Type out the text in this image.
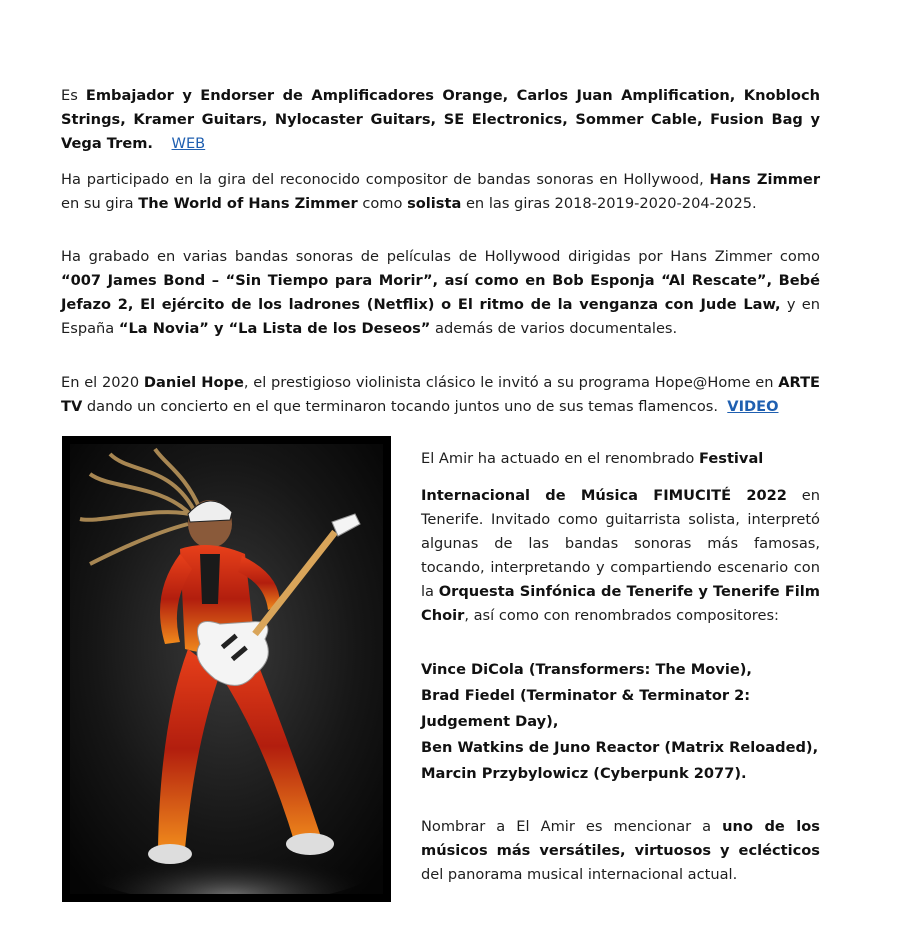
Es Embajador y Endorser de Amplificadores Orange, Carlos Juan Amplification, Knobloch Strings, Kramer Guitars, Nylocaster Guitars, SE Electronics, Sommer Cable, Fusion Bag y Vega Trem. WEB

Ha participado en la gira del reconocido compositor de bandas sonoras en Hollywood, Hans Zimmer en su gira The World of Hans Zimmer como solista en las giras 2018-2019-2020-204-2025.

Ha grabado en varias bandas sonoras de películas de Hollywood dirigidas por Hans Zimmer como “007 James Bond – “Sin Tiempo para Morir”, así como en Bob Esponja “Al Rescate”, Bebé Jefazo 2, El ejército de los ladrones (Netflix) o El ritmo de la venganza con Jude Law, y en España “La Novia” y “La Lista de los Deseos” además de varios documentales.

En el 2020 Daniel Hope, el prestigioso violinista clásico le invitó a su programa Hope@Home en ARTE TV dando un concierto en el que terminaron tocando juntos uno de sus temas flamencos. VIDEO

El Amir ha actuado en el renombrado Festival

Internacional de Música FIMUCITÉ 2022 en Tenerife. Invitado como guitarrista solista, interpretó algunas de las bandas sonoras más famosas, tocando, interpretando y compartiendo escenario con la Orquesta Sinfónica de Tenerife y Tenerife Film Choir, así como con renombrados compositores:

Vince DiCola (Transformers: The Movie),
Brad Fiedel (Terminator & Terminator 2: Judgement Day),
Ben Watkins de Juno Reactor (Matrix Reloaded),
Marcin Przybylowicz (Cyberpunk 2077).

Nombrar a El Amir es mencionar a uno de los músicos más versátiles, virtuosos y eclécticos del panorama musical internacional actual.
